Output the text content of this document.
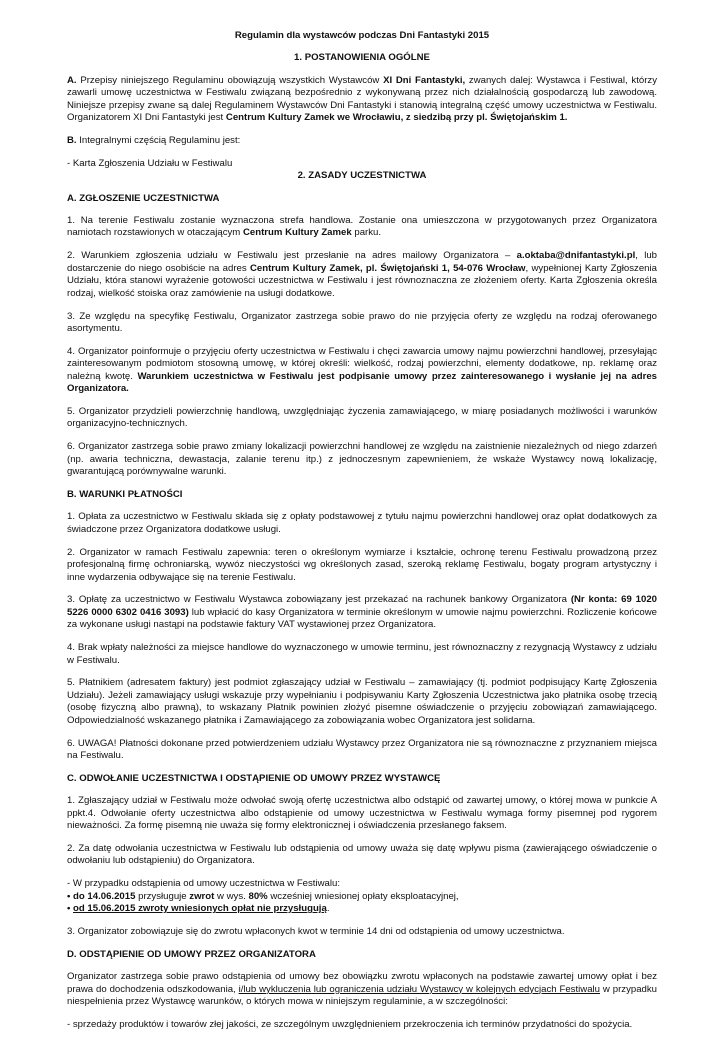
Regulamin dla wystawców podczas Dni Fantastyki 2015
1. POSTANOWIENIA OGÓLNE

A. Przepisy niniejszego Regulaminu obowiązują wszystkich Wystawców XI Dni Fantastyki, zwanych dalej: Wystawca i Festiwal, którzy zawarli umowę uczestnictwa w Festiwalu związaną bezpośrednio z wykonywaną przez nich działalnością gospodarczą lub zawodową. Niniejsze przepisy zwane są dalej Regulaminem Wystawców Dni Fantastyki i stanowią integralną część umowy uczestnictwa w Festiwalu. Organizatorem XI Dni Fantastyki jest Centrum Kultury Zamek we Wrocławiu, z siedzibą przy pl. Świętojańskim 1.

B. Integralnymi częścią Regulaminu jest:

- Karta Zgłoszenia Udziału w Festiwalu

2. ZASADY UCZESTNICTWA
A. ZGŁOSZENIE UCZESTNICTWA

1. Na terenie Festiwalu zostanie wyznaczona strefa handlowa. Zostanie ona umieszczona w przygotowanych przez Organizatora namiotach rozstawionych w otaczającym Centrum Kultury Zamek parku.

2. Warunkiem zgłoszenia udziału w Festiwalu jest przesłanie na adres mailowy Organizatora – a.oktaba@dnifantastyki.pl, lub dostarczenie do niego osobiście na adres Centrum Kultury Zamek, pl. Świętojański 1, 54-076 Wrocław, wypełnionej Karty Zgłoszenia Udziału, która stanowi wyrażenie gotowości uczestnictwa w Festiwalu i jest równoznaczna ze złożeniem oferty. Karta Zgłoszenia określa rodzaj, wielkość stoiska oraz zamówienie na usługi dodatkowe.

3. Ze względu na specyfikę Festiwalu, Organizator zastrzega sobie prawo do nie przyjęcia oferty ze względu na rodzaj oferowanego asortymentu.

4. Organizator poinformuje o przyjęciu oferty uczestnictwa w Festiwalu i chęci zawarcia umowy najmu powierzchni handlowej, przesyłając zainteresowanym podmiotom stosowną umowę, w której określi: wielkość, rodzaj powierzchni, elementy dodatkowe, np. reklamę oraz należną kwotę. Warunkiem uczestnictwa w Festiwalu jest podpisanie umowy przez zainteresowanego i wysłanie jej na adres Organizatora.

5. Organizator przydzieli powierzchnię handlową, uwzględniając życzenia zamawiającego, w miarę posiadanych możliwości i warunków organizacyjno-technicznych.

6. Organizator zastrzega sobie prawo zmiany lokalizacji powierzchni handlowej ze względu na zaistnienie niezależnych od niego zdarzeń (np. awaria techniczna, dewastacja, zalanie terenu itp.) z jednoczesnym zapewnieniem, że wskaże Wystawcy nową lokalizację, gwarantującą porównywalne warunki.

B. WARUNKI PŁATNOŚCI

1. Opłata za uczestnictwo w Festiwalu składa się z opłaty podstawowej z tytułu najmu powierzchni handlowej oraz opłat dodatkowych za świadczone przez Organizatora dodatkowe usługi.

2. Organizator w ramach Festiwalu zapewnia: teren o określonym wymiarze i kształcie, ochronę terenu Festiwalu prowadzoną przez profesjonalną firmę ochroniarską, wywóz nieczystości wg określonych zasad, szeroką reklamę Festiwalu, bogaty program artystyczny i inne wydarzenia odbywające się na terenie Festiwalu.

3. Opłatę za uczestnictwo w Festiwalu Wystawca zobowiązany jest przekazać na rachunek bankowy Organizatora (Nr konta: 69 1020 5226 0000 6302 0416 3093) lub wpłacić do kasy Organizatora w terminie określonym w umowie najmu powierzchni. Rozliczenie końcowe za wykonane usługi nastąpi na podstawie faktury VAT wystawionej przez Organizatora.

4. Brak wpłaty należności za miejsce handlowe do wyznaczonego w umowie terminu, jest równoznaczny z rezygnacją Wystawcy z udziału w Festiwalu.

5. Płatnikiem (adresatem faktury) jest podmiot zgłaszający udział w Festiwalu – zamawiający (tj. podmiot podpisujący Kartę Zgłoszenia Udziału). Jeżeli zamawiający usługi wskazuje przy wypełnianiu i podpisywaniu Karty Zgłoszenia Uczestnictwa jako płatnika osobę trzecią (osobę fizyczną albo prawną), to wskazany Płatnik powinien złożyć pisemne oświadczenie o przyjęciu zobowiązań zamawiającego. Odpowiedzialność wskazanego płatnika i Zamawiającego za zobowiązania wobec Organizatora jest solidarna.

6. UWAGA! Płatności dokonane przed potwierdzeniem udziału Wystawcy przez Organizatora nie są równoznaczne z przyznaniem miejsca na Festiwalu.

C. ODWOŁANIE UCZESTNICTWA I ODSTĄPIENIE OD UMOWY PRZEZ WYSTAWCĘ

1. Zgłaszający udział w Festiwalu może odwołać swoją ofertę uczestnictwa albo odstąpić od zawartej umowy, o której mowa w punkcie A ppkt.4. Odwołanie oferty uczestnictwa albo odstąpienie od umowy uczestnictwa w Festiwalu wymaga formy pisemnej pod rygorem nieważności. Za formę pisemną nie uważa się formy elektronicznej i oświadczenia przesłanego faksem.

2. Za datę odwołania uczestnictwa w Festiwalu lub odstąpienia od umowy uważa się datę wpływu pisma (zawierającego oświadczenie o odwołaniu lub odstąpieniu) do Organizatora.

- W przypadku odstąpienia od umowy uczestnictwa w Festiwalu:
• do 14.06.2015 przysługuje zwrot w wys. 80% wcześniej wniesionej opłaty eksploatacyjnej,
• od 15.06.2015 zwroty wniesionych opłat nie przysługują.

3. Organizator zobowiązuje się do zwrotu wpłaconych kwot w terminie 14 dni od odstąpienia od umowy uczestnictwa.

D. ODSTĄPIENIE OD UMOWY PRZEZ ORGANIZATORA

Organizator zastrzega sobie prawo odstąpienia od umowy bez obowiązku zwrotu wpłaconych na podstawie zawartej umowy opłat i bez prawa do dochodzenia odszkodowania, i/lub wykluczenia lub ograniczenia udziału Wystawcy w kolejnych edycjach Festiwalu w przypadku niespełnienia przez Wystawcę warunków, o których mowa w niniejszym regulaminie, a w szczególności:

- sprzedaży produktów i towarów złej jakości, ze szczególnym uwzględnieniem przekroczenia ich terminów przydatności do spożycia.
